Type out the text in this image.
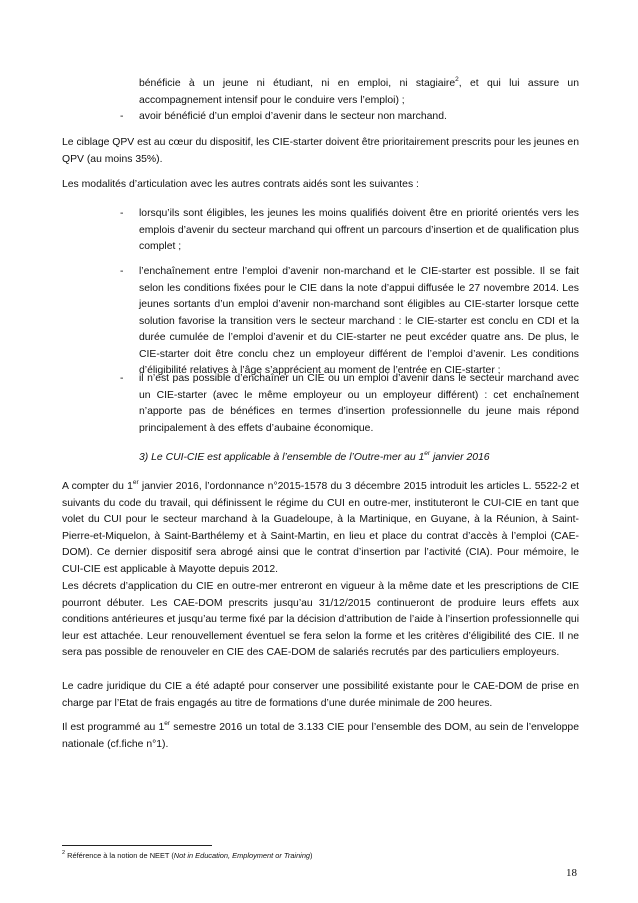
bénéficie à un jeune ni étudiant, ni en emploi, ni stagiaire$^2$, et qui lui assure un accompagnement intensif pour le conduire vers l’emploi) ;

- avoir bénéficié d’un emploi d’avenir dans le secteur non marchand.

Le ciblage QPV est au cœur du dispositif, les CIE-starter doivent être prioritairement prescrits pour les jeunes en QPV (au moins 35%).

Les modalités d’articulation avec les autres contrats aidés sont les suivantes :

- lorsqu’ils sont éligibles, les jeunes les moins qualifiés doivent être en priorité orientés vers les emplois d’avenir du secteur marchand qui offrent un parcours d’insertion et de qualification plus complet ;

- l’enchaînement entre l’emploi d’avenir non-marchand et le CIE-starter est possible. Il se fait selon les conditions fixées pour le CIE dans la note d’appui diffusée le 27 novembre 2014. Les jeunes sortants d’un emploi d’avenir non-marchand sont éligibles au CIE-starter lorsque cette solution favorise la transition vers le secteur marchand : le CIE-starter est conclu en CDI et la durée cumulée de l’emploi d’avenir et du CIE-starter ne peut excéder quatre ans. De plus, le CIE-starter doit être conclu chez un employeur différent de l’emploi d’avenir. Les conditions d’éligibilité relatives à l’âge s’apprécient au moment de l’entrée en CIE-starter ;

- il n’est pas possible d’enchaîner un CIE ou un emploi d’avenir dans le secteur marchand avec un CIE-starter (avec le même employeur ou un employeur différent) : cet enchaînement n’apporte pas de bénéfices en termes d’insertion professionnelle du jeune mais répond principalement à des effets d’aubaine économique.

3) Le CUI-CIE est applicable à l’ensemble de l’Outre-mer au 1er janvier 2016

A compter du 1er janvier 2016, l’ordonnance n°2015-1578 du 3 décembre 2015 introduit les articles L. 5522-2 et suivants du code du travail, qui définissent le régime du CUI en outre-mer, instituteront le CUI-CIE en tant que volet du CUI pour le secteur marchand à la Guadeloupe, à la Martinique, en Guyane, à la Réunion, à Saint-Pierre-et-Miquelon, à Saint-Barthélemy et à Saint-Martin, en lieu et place du contrat d’accès à l’emploi (CAE-DOM). Ce dernier dispositif sera abrogé ainsi que le contrat d’insertion par l’activité (CIA). Pour mémoire, le CUI-CIE est applicable à Mayotte depuis 2012.

Les décrets d’application du CIE en outre-mer entreront en vigueur à la même date et les prescriptions de CIE pourront débuter. Les CAE-DOM prescrits jusqu’au 31/12/2015 continueront de produire leurs effets aux conditions antérieures et jusqu’au terme fixé par la décision d’attribution de l’aide à l’insertion professionnelle qui leur est attachée. Leur renouvellement éventuel se fera selon la forme et les critères d’éligibilité des CIE. Il ne sera pas possible de renouveler en CIE des CAE-DOM de salariés recrutés par des particuliers employeurs.

Le cadre juridique du CIE a été adapté pour conserver une possibilité existante pour le CAE-DOM de prise en charge par l’Etat de frais engagés au titre de formations d’une durée minimale de 200 heures.

Il est programmé au 1er semestre 2016 un total de 3.133 CIE pour l’ensemble des DOM, au sein de l’enveloppe nationale (cf.fiche n°1).

$^2$ Référence à la notion de NEET (Not in Education, Employment or Training)
18
